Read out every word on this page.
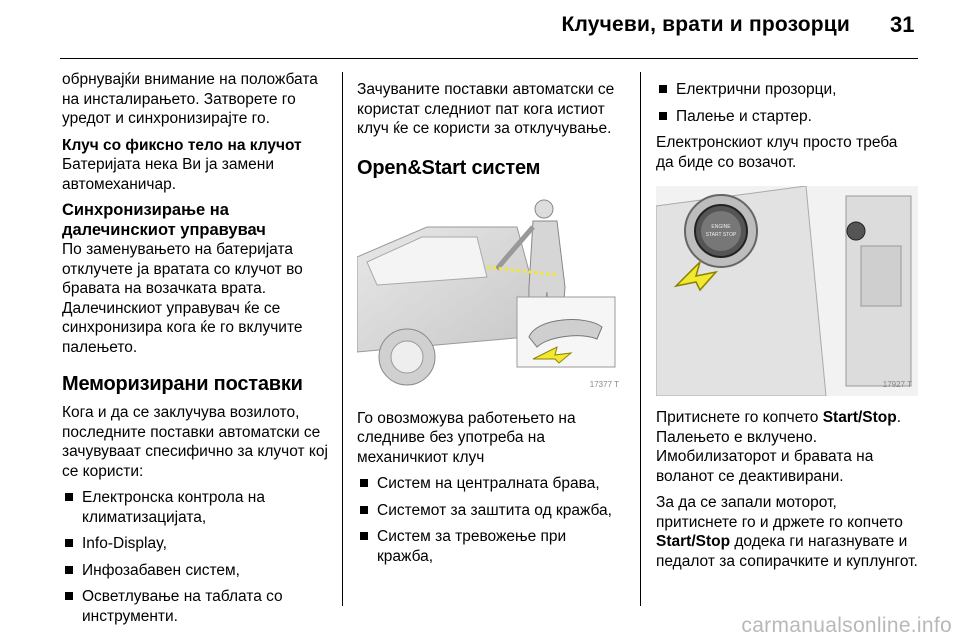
Клучеви, врати и прозорци 31

обрнувајќи внимание на положбата на инсталирањето. Затворете го уредот и синхронизирајте го.

Клуч со фиксно тело на клучот

Батеријата нека Ви ја замени автомеханичар.

Синхронизирање на далечинскиот управувач

По заменувањето на батеријата отклучете ја вратата со клучот во бравата на возачката врата. Далечинскиот управувач ќе се синхронизира кога ќе го вклучите палењето.

Меморизирани поставки

Кога и да се заклучува возилото, последните поставки автоматски се зачувуваат спесифично за клучот кој се користи:

Електронска контрола на климатизацијата,
Info-Display,
Инфозабавен систем,
Осветлување на таблата со инструменти.

Зачуваните поставки автоматски се користат следниот пат кога истиот клуч ќе се користи за отклучување.

Open&Start систем
17377 T

Го овозможува работењето на следниве без употреба на механичкиот клуч

Систем на централната брава,
Системот за заштита од кражба,
Систем за тревожење при кражба,
Електрични прозорци,
Палење и стартер.

Електронскиот клуч просто треба да биде со возачот.

ENGINE
START STOP
17927 T

Притиснете го копчето Start/Stop. Палењето е вклучено. Имобилизаторот и бравата на воланот се деактивирани.

За да се запали моторот, притиснете го и држете го копчето Start/Stop додека ги нагазнувате и педалот за сопирачките и куплунгот.

carmanualsonline.info
